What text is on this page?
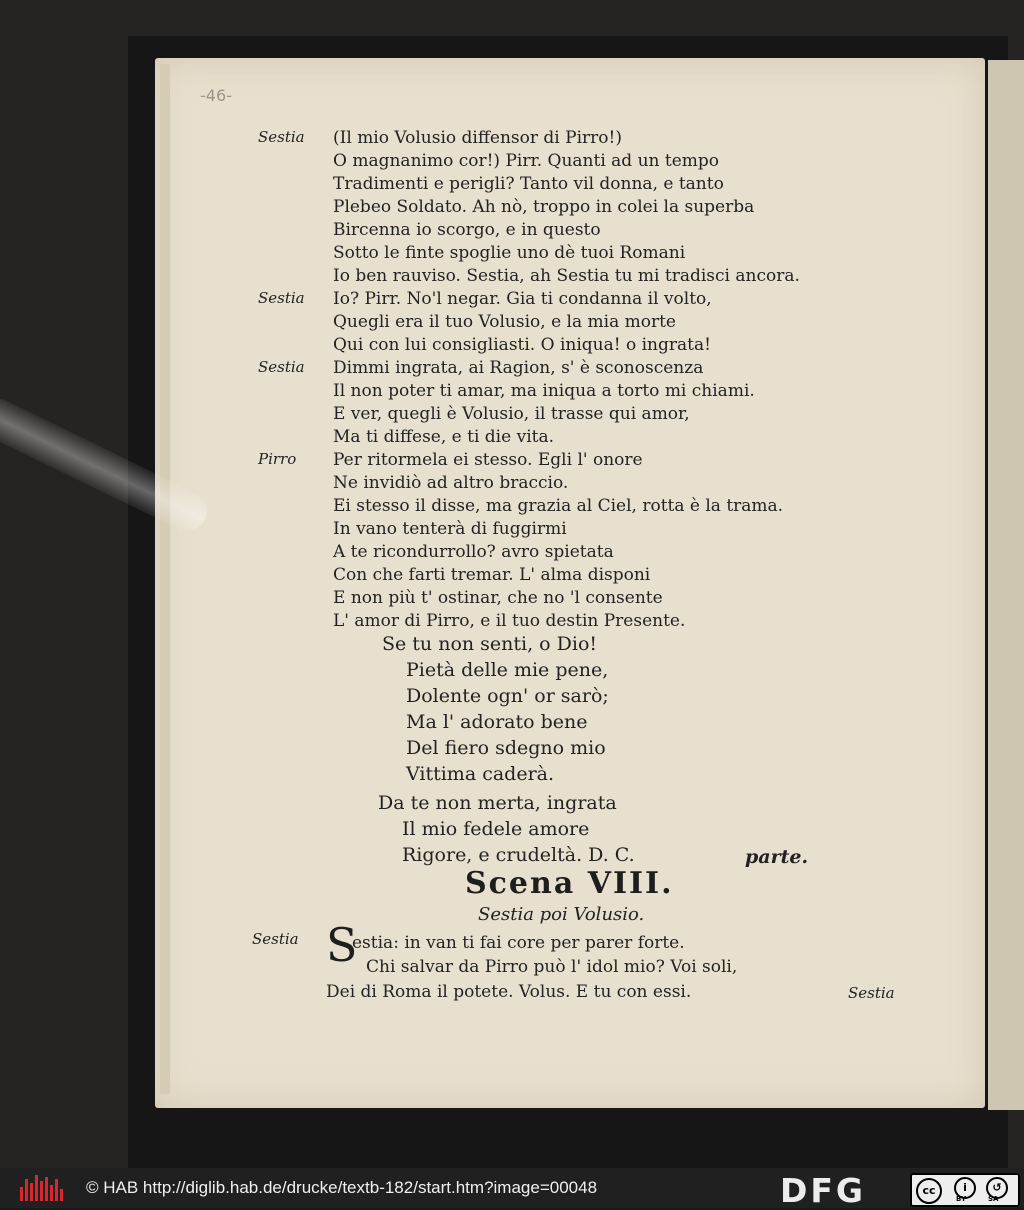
-46-
Sestia (Il mio Volusio diffensor di Pirro!)
O magnanimo cor!) Pirr. Quanti ad un tempo
Tradimenti e perigli? Tanto vil donna, e tanto
Plebeo Soldato. Ah nò, troppo in colei la superba
Bircenna io scorgo, e in questo
Sotto le finte spoglie uno dè tuoi Romani
Io ben rauviso. Sestia, ah Sestia tu mi tradisci ancora.
Sestia Io? Pirr. No'l negar. Gia ti condanna il volto,
Quegli era il tuo Volusio, e la mia morte
Qui con lui consigliasti. O iniqua! o ingrata!
Sestia Dimmi ingrata, ai Ragion, s' è sconoscenza
Il non poter ti amar, ma iniqua a torto mi chiami.
E ver, quegli è Volusio, il trasse qui amor,
Ma ti diffese, e ti die vita.
Pirro Per ritormela ei stesso. Egli l' onore
Ne invidiò ad altro braccio.
Ei stesso il disse, ma grazia al Ciel, rotta è la trama.
In vano tenterà di fuggirmi
A te ricondurrollo? avro spietata
Con che farti tremar. L' alma disponi
E non più t' ostinar, che no 'l consente
L' amor di Pirro, e il tuo destin Presente.
Se tu non senti, o Dio!
Pietà delle mie pene,
Dolente ogn' or sarò;
Ma l' adorato bene
Del fiero sdegno mio
Vittima caderà.
Da te non merta, ingrata
Il mio fedele amore
Rigore, e crudeltà. D. C.	parte.
Scena VIII.
Sestia poi Volusio.
Sestia S
estia: in van ti fai core per parer forte.
Chi salvar da Pirro può l' idol mio? Voi soli,
Dei di Roma il potete. Volus. E tu con essi.	Sestia
© HAB http://diglib.hab.de/drucke/textb-182/start.htm?image=00048	DFG	cc	i
BY
↺
SA
